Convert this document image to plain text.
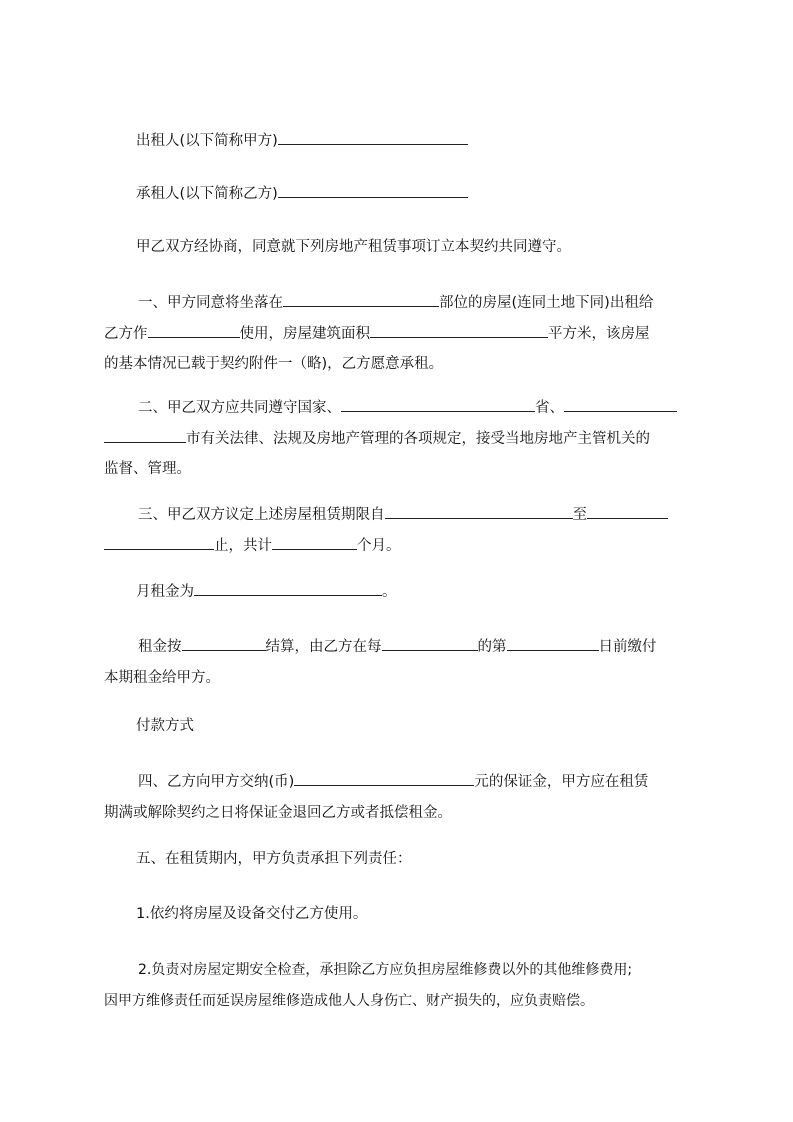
出租人(以下简称甲方)
承租人(以下简称乙方)
甲乙双方经协商，同意就下列房地产租赁事项订立本契约共同遵守。
一、甲方同意将坐落在	部位的房屋(连同土地下同)出租给
乙方作	使用，房屋建筑面积	平方米，该房屋
的基本情况已载于契约附件一（略)，乙方愿意承租。
二、甲乙双方应共同遵守国家、	省、
市有关法律、法规及房地产管理的各项规定，接受当地房地产主管机关的
监督、管理。
三、甲乙双方议定上述房屋租赁期限自	至
止，共计	个月。
月租金为	。
租金按	结算，由乙方在每	的第	日前缴付
本期租金给甲方。
付款方式
四、乙方向甲方交纳(币)	元的保证金，甲方应在租赁
期满或解除契约之日将保证金退回乙方或者抵偿租金。
五、在租赁期内，甲方负责承担下列责任：
1.依约将房屋及设备交付乙方使用。
2.负责对房屋定期安全检查，承担除乙方应负担房屋维修费以外的其他维修费用;
因甲方维修责任而延误房屋维修造成他人人身伤亡、财产损失的，应负责赔偿。
